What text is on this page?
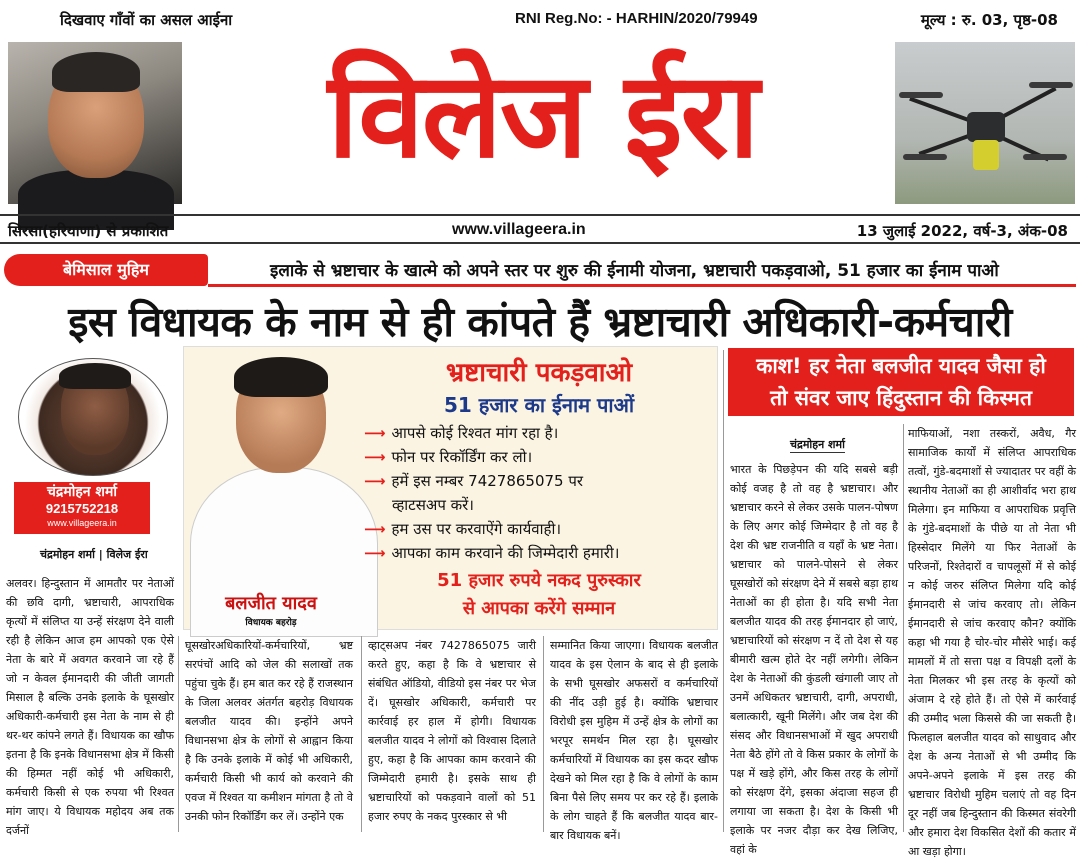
दिखवाए गाँवों का असल आईना	RNI Reg.No: - HARHIN/2020/79949	मूल्य : रु. 03, पृष्ठ-08
विलेज ईरा
सिरसा(हरियाणा) से प्रकाशित	www.villageera.in	13 जुलाई 2022, वर्ष-3, अंक-08
बेमिसाल मुहिम	इलाके से भ्रष्टाचार के खात्मे को अपने स्तर पर शुरु की ईनामी योजना, भ्रष्टाचारी पकड़वाओ, 51 हजार का ईनाम पाओ
इस विधायक के नाम से ही कांपते हैं भ्रष्टाचारी अधिकारी-कर्मचारी
चंद्रमोहन शर्मा
9215752218
www.villageera.in
चंद्रमोहन शर्मा | विलेज ईरा
अलवर। हिन्दुस्तान में आमतौर पर नेताओं की छवि दागी, भ्रष्टाचारी, आपराधिक कृत्यों में संलिप्त या उन्हें संरक्षण देने वाली रही है लेकिन आज हम आपको एक ऐसे नेता के बारे में अवगत करवाने जा रहे हैं जो न केवल ईमानदारी की जीती जागती मिसाल है बल्कि उनके इलाके के घूसखोर अधिकारी-कर्मचारी इस नेता के नाम से ही थर-थर कांपने लगते हैं। विधायक का खौफ इतना है कि इनके विधानसभा क्षेत्र में किसी की हिम्मत नहीं कोई भी अधिकारी, कर्मचारी किसी से एक रुपया भी रिश्वत मांग जाए। ये विधायक महोदय अब तक दर्जनों
बलजीत यादव
विधायक बहरोड़
भ्रष्टाचारी पकड़वाओ
51 हजार का ईनाम पाओं
⟶ आपसे कोई रिश्वत मांग रहा है।
⟶ फोन पर रिकॉर्डिंग कर लो।
⟶ हमें इस नम्बर 7427865075 पर
व्हाटसअप करें।
⟶ हम उस पर करवाऐंगे कार्यवाही।
⟶ आपका काम करवाने की जिम्मेदारी हमारी।
51 हजार रुपये नकद पुरुस्कार
से आपका करेंगे सम्मान
घूसखोरअधिकारियों-कर्मचारियों, भ्रष्ट सरपंचों आदि को जेल की सलाखों तक पहुंचा चुके हैं। हम बात कर रहे हैं राजस्थान के जिला अलवर अंतर्गत बहरोड़ विधायक बलजीत यादव की। इन्होंने अपने विधानसभा क्षेत्र के लोगों से आह्वान किया है कि उनके इलाके में कोई भी अधिकारी, कर्मचारी किसी भी कार्य को करवाने की एवज में रिश्वत या कमीशन मांगता है तो वे उनकी फोन रिकॉर्डिंग कर लें। उन्होंने एक
व्हाट्सअप नंबर 7427865075 जारी करते हुए, कहा है कि वे भ्रष्टाचार से संबंधित ऑडियो, वीडियो इस नंबर पर भेज दें। घूसखोर अधिकारी, कर्मचारी पर कार्रवाई हर हाल में होगी। विधायक बलजीत यादव ने लोगों को विश्वास दिलाते हुए, कहा है कि आपका काम करवाने की जिम्मेदारी हमारी है। इसके साथ ही भ्रष्टाचारियों को पकड़वाने वालों को 51 हजार रुपए के नकद पुरस्कार से भी
सम्मानित किया जाएगा। विधायक बलजीत यादव के इस ऐलान के बाद से ही इलाके के सभी घूसखोर अफसरों व कर्मचारियों की नींद उड़ी हुई है। क्योंकि भ्रष्टाचार विरोधी इस मुहिम में उन्हें क्षेत्र के लोगों का भरपूर समर्थन मिल रहा है। घूसखोर कर्मचारियों में विधायक का इस कदर खौफ देखने को मिल रहा है कि वे लोगों के काम बिना पैसे लिए समय पर कर रहे हैं। इलाके के लोग चाहते हैं कि बलजीत यादव बार-बार विधायक बनें।
काश! हर नेता बलजीत यादव जैसा हो
तो संवर जाए हिंदुस्तान की किस्मत
चंद्रमोहन शर्मा
भारत के पिछड़ेपन की यदि सबसे बड़ी कोई वजह है तो वह है भ्रष्टाचार। और भ्रष्टाचार करने से लेकर उसके पालन-पोषण के लिए अगर कोई जिम्मेदार है तो वह है देश की भ्रष्ट राजनीति व यहाँ के भ्रष्ट नेता। भ्रष्टाचार को पालने-पोसने से लेकर घूसखोरों को संरक्षण देने में सबसे बड़ा हाथ नेताओं का ही होता है। यदि सभी नेता बलजीत यादव की तरह ईमानदार हो जाएं, भ्रष्टाचारियों को संरक्षण न दें तो देश से यह बीमारी खत्म होते देर नहीं लगेगी। लेकिन देश के नेताओं की कुंडली खंगाली जाए तो उनमें अधिकतर भ्रष्टाचारी, दागी, अपराधी, बलात्कारी, खूनी मिलेंगे। और जब देश की संसद और विधानसभाओं में खुद अपराधी नेता बैठे होंगे तो वे किस प्रकार के लोगों के पक्ष में खड़े होंगे, और किस तरह के लोगों को संरक्षण देंगे, इसका अंदाजा सहज ही लगाया जा सकता है। देश के किसी भी इलाके पर नजर दौड़ा कर देख लिजिए, वहां के
माफियाओं, नशा तस्करों, अवैध, गैर सामाजिक कार्यों में संलिप्त आपराधिक तत्वों, गुंडे-बदमाशों से ज्यादातर पर वहीं के स्थानीय नेताओं का ही आशीर्वाद भरा हाथ मिलेगा। इन माफिया व आपराधिक प्रवृत्ति के गुंडे-बदमाशों के पीछे या तो नेता भी हिस्सेदार मिलेंगे या फिर नेताओं के परिजनों, रिश्तेदारों व चापलूसों में से कोई न कोई जरुर संलिप्त मिलेगा यदि कोई ईमानदारी से जांच करवाए तो। लेकिन ईमानदारी से जांच करवाए कौन? क्योंकि कहा भी गया है चोर-चोर मौसेरे भाई। कई मामलों में तो सत्ता पक्ष व विपक्षी दलों के नेता मिलकर भी इस तरह के कृत्यों को अंजाम दे रहे होते हैं। तो ऐसे में कार्रवाई की उम्मीद भला किससे की जा सकती है। फिलहाल बलजीत यादव को साधुवाद और देश के अन्य नेताओं से भी उम्मीद कि अपने-अपने इलाके में इस तरह की भ्रष्टाचार विरोधी मुहिम चलाएं तो वह दिन दूर नहीं जब हिन्दुस्तान की किस्मत संवरेगी और हमारा देश विकसित देशों की कतार में आ खड़ा होगा।
